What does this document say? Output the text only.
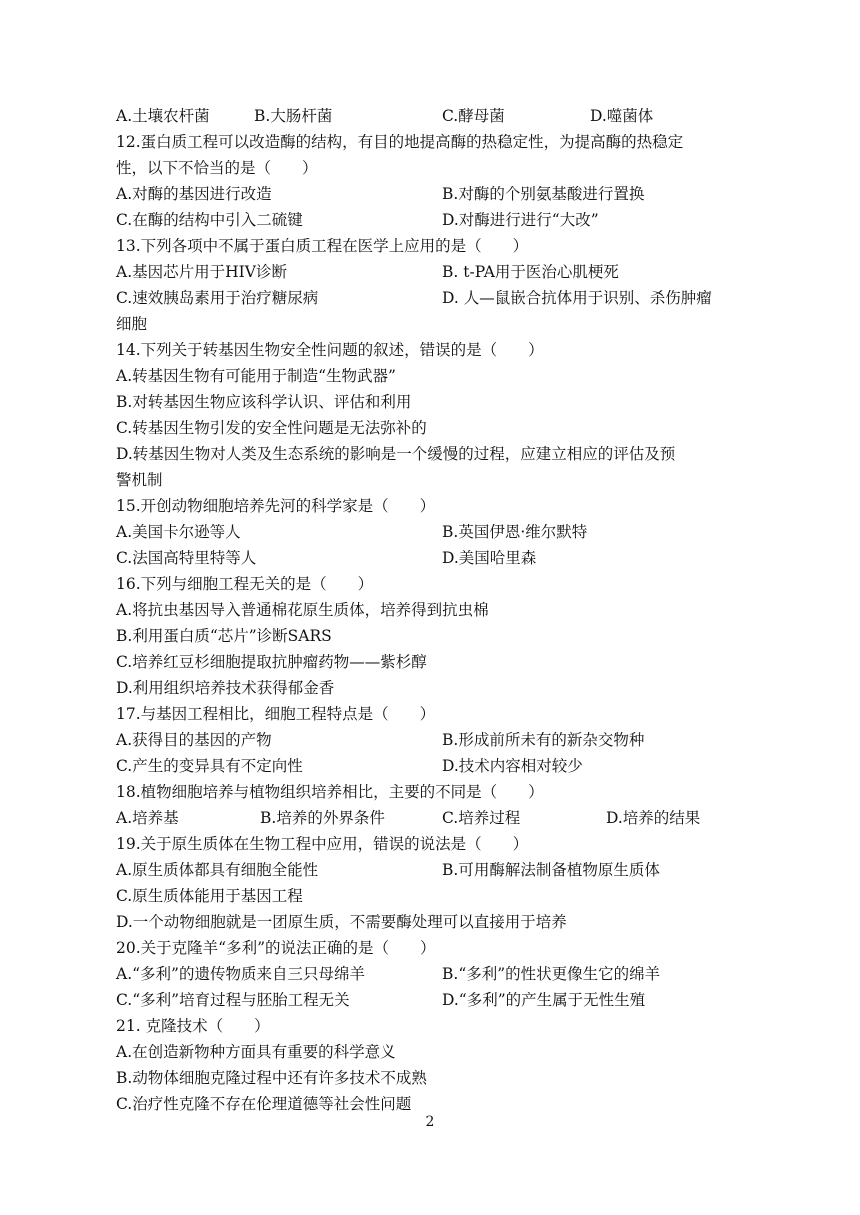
A.土壤农杆菌	B.大肠杆菌	C.酵母菌	D.噬菌体
12.蛋白质工程可以改造酶的结构，有目的地提高酶的热稳定性，为提高酶的热稳定
性，以下不恰当的是（　　）
A.对酶的基因进行改造	B.对酶的个别氨基酸进行置换
C.在酶的结构中引入二硫键	D.对酶进行进行“大改”
13.下列各项中不属于蛋白质工程在医学上应用的是（　　）
A.基因芯片用于HIV诊断	B. t-PA用于医治心肌梗死
C.速效胰岛素用于治疗糖尿病	D. 人—鼠嵌合抗体用于识别、杀伤肿瘤
细胞
14.下列关于转基因生物安全性问题的叙述，错误的是（　　）
A.转基因生物有可能用于制造“生物武器”
B.对转基因生物应该科学认识、评估和利用
C.转基因生物引发的安全性问题是无法弥补的
D.转基因生物对人类及生态系统的影响是一个缓慢的过程，应建立相应的评估及预
警机制
15.开创动物细胞培养先河的科学家是（　　）
A.美国卡尔逊等人	B.英国伊恩·维尔默特
C.法国高特里特等人	D.美国哈里森
16.下列与细胞工程无关的是（　　）
A.将抗虫基因导入普通棉花原生质体，培养得到抗虫棉
B.利用蛋白质“芯片”诊断SARS
C.培养红豆杉细胞提取抗肿瘤药物——紫杉醇
D.利用组织培养技术获得郁金香
17.与基因工程相比，细胞工程特点是（　　）
A.获得目的基因的产物	B.形成前所未有的新杂交物种
C.产生的变异具有不定向性	D.技术内容相对较少
18.植物细胞培养与植物组织培养相比，主要的不同是（　　）
A.培养基	B.培养的外界条件	C.培养过程	D.培养的结果
19.关于原生质体在生物工程中应用，错误的说法是（　　）
A.原生质体都具有细胞全能性	B.可用酶解法制备植物原生质体
C.原生质体能用于基因工程
D.一个动物细胞就是一团原生质，不需要酶处理可以直接用于培养
20.关于克隆羊“多利”的说法正确的是（　　）
A.“多利”的遗传物质来自三只母绵羊	B.“多利”的性状更像生它的绵羊
C.“多利”培育过程与胚胎工程无关	D.“多利”的产生属于无性生殖
21. 克隆技术（　　）
A.在创造新物种方面具有重要的科学意义
B.动物体细胞克隆过程中还有许多技术不成熟
C.治疗性克隆不存在伦理道德等社会性问题
2
